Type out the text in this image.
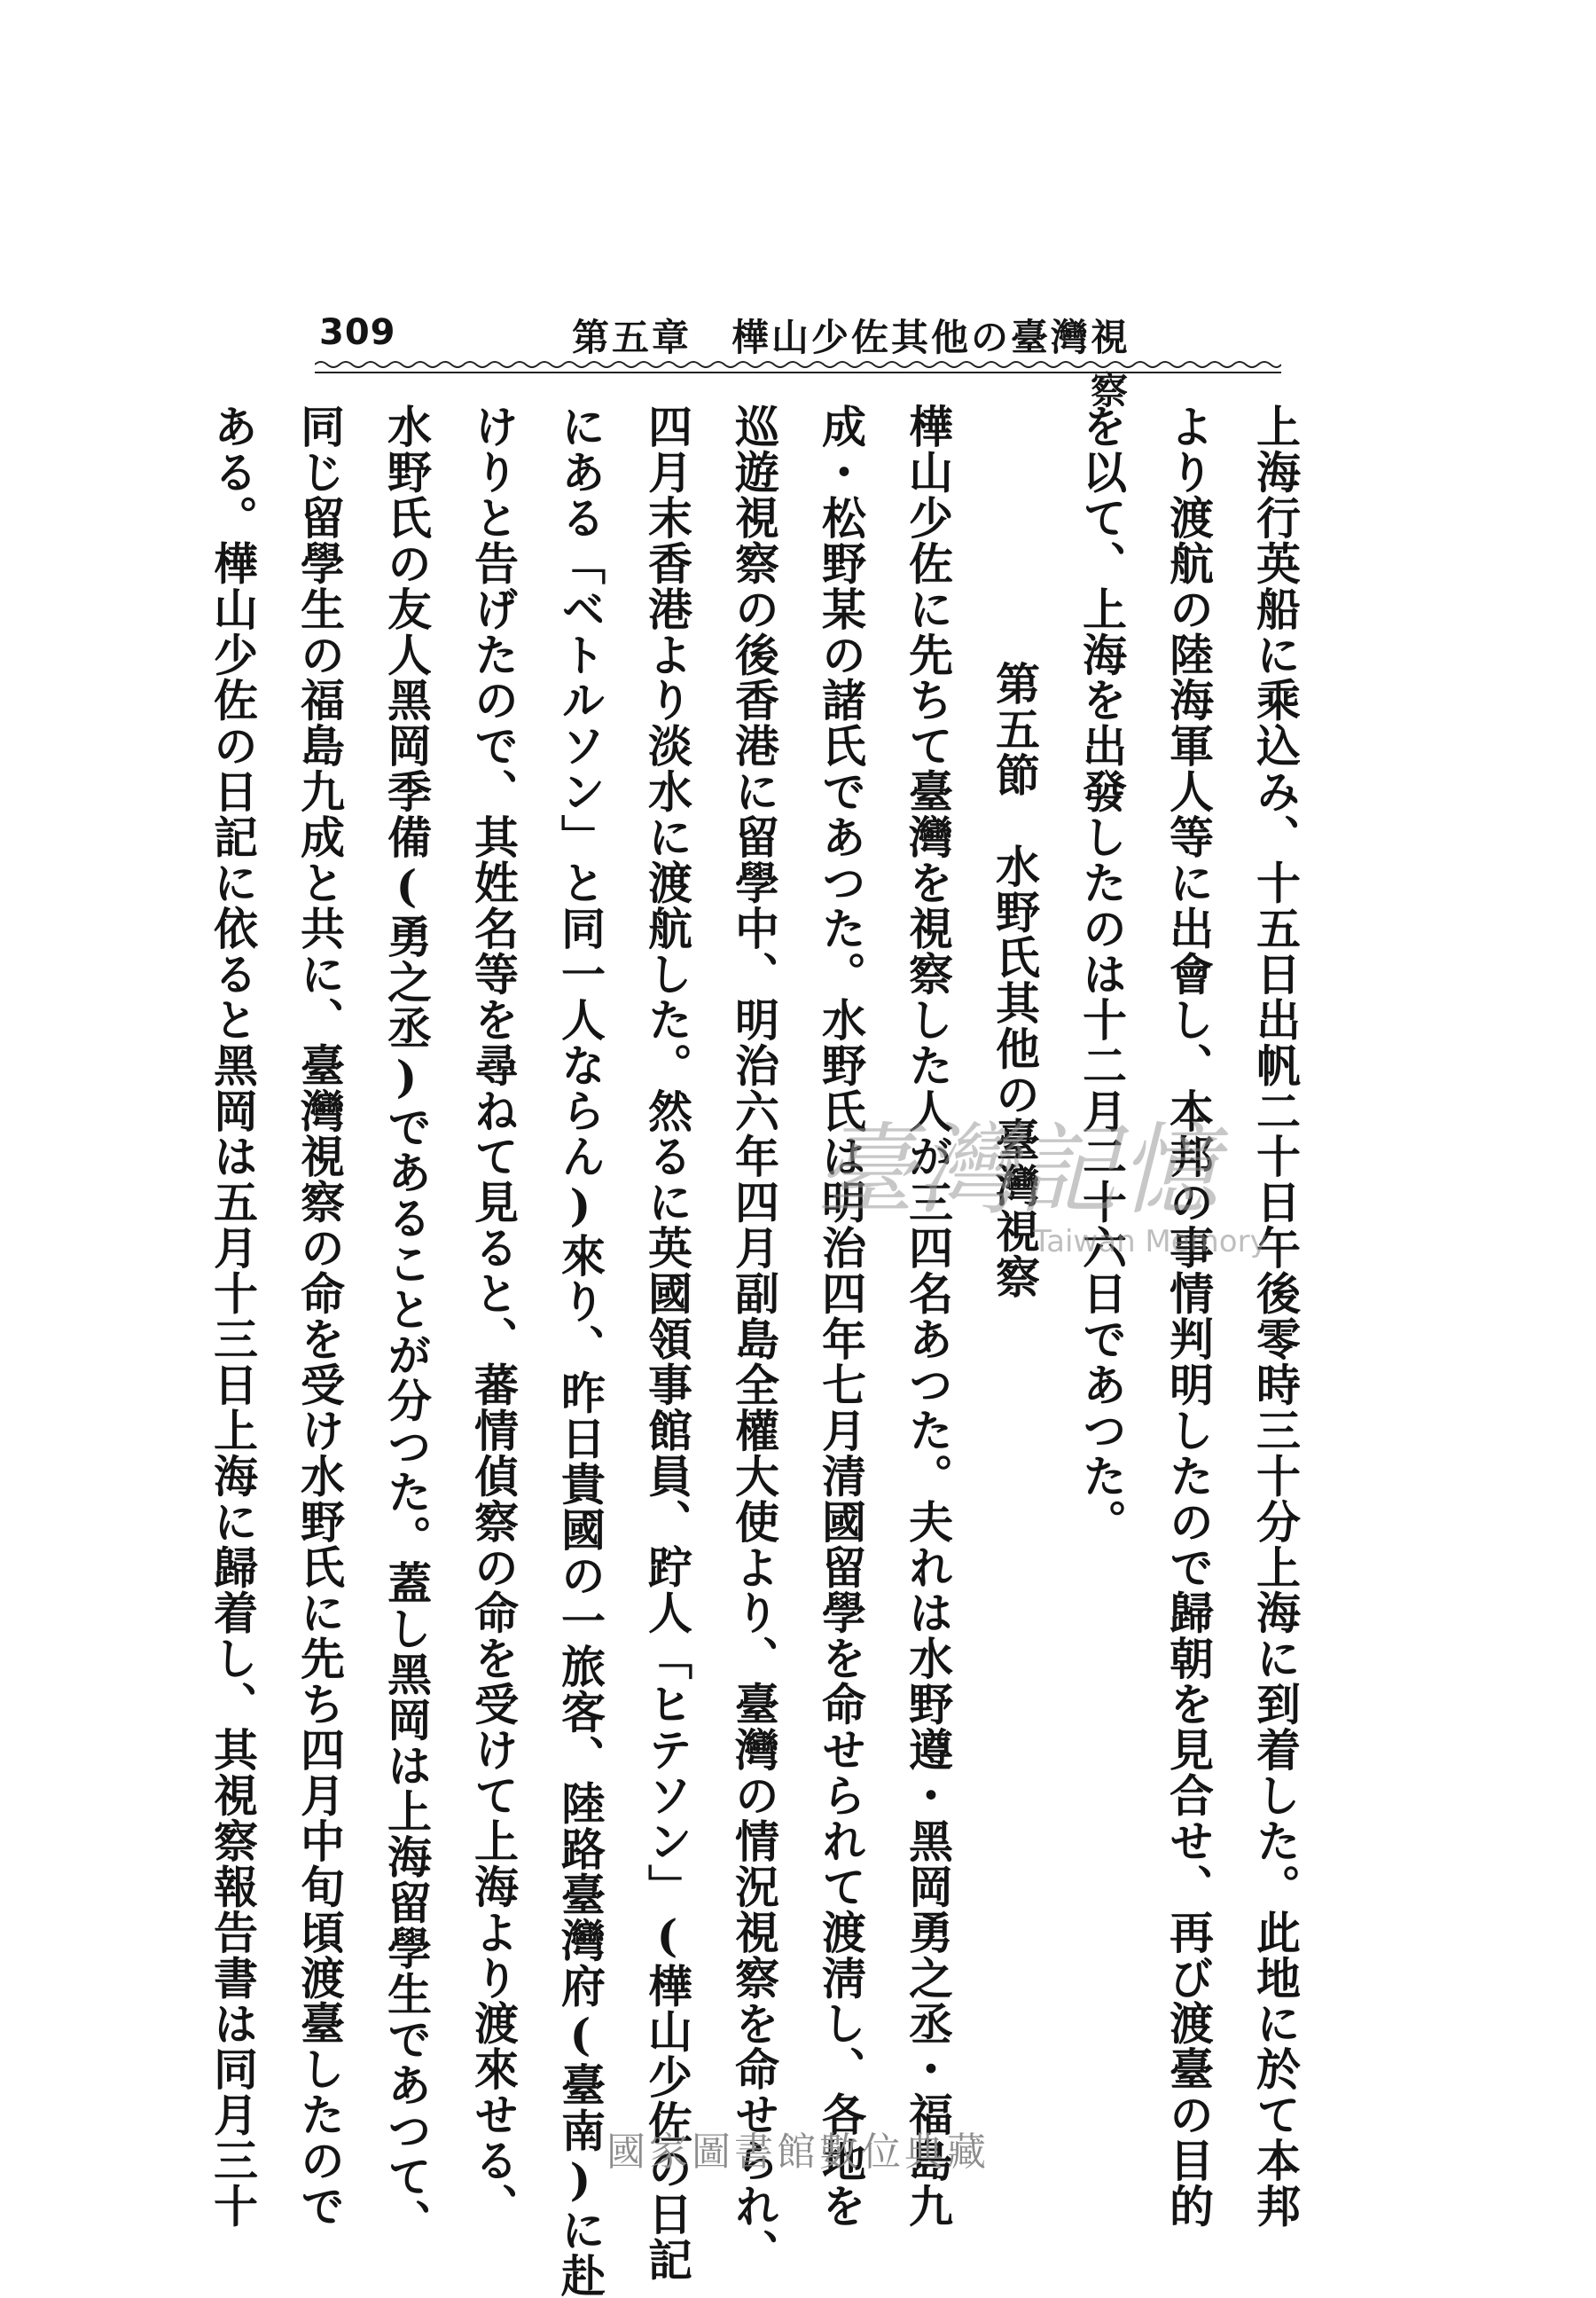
309	第五章　樺山少佐其他の臺灣視察

上海行英船に乘込み、十五日出帆二十日午後零時三十分上海に到着した。此地に於て本邦

より渡航の陸海軍人等に出會し、本邦の事情判明したので歸朝を見合せ、再び渡臺の目的

を以て、上海を出發したのは十二月二十六日であつた。

第五節　水野氏其他の臺灣視察

樺山少佐に先ちて臺灣を視察した人が三四名あつた。夫れは水野遵・黑岡勇之丞・福島九

成・松野某の諸氏であつた。水野氏は明治四年七月清國留學を命せられて渡淸し、各地を

巡遊視察の後香港に留學中、明治六年四月副島全權大使より、臺灣の情況視察を命せられ、

四月末香港より淡水に渡航した。然るに英國領事館員、𨀉人「ヒテソン」(樺山少佐の日記

にある「ベトルソン」と同一人ならん)來り、昨日貴國の一旅客、陸路臺灣府(臺南)に赴

けりと告げたので、其姓名等を尋ねて見ると、蕃情偵察の命を受けて上海より渡來せる、

水野氏の友人黑岡季備(勇之丞)であることが分つた。蓋し黑岡は上海留學生であつて、

同じ留學生の福島九成と共に、臺灣視察の命を受け水野氏に先ち四月中旬頃渡臺したので

ある。樺山少佐の日記に依ると黑岡は五月十三日上海に歸着し、其視察報告書は同月三十	臺灣記憶
Taiwan Memory
國家圖書館數位典藏
